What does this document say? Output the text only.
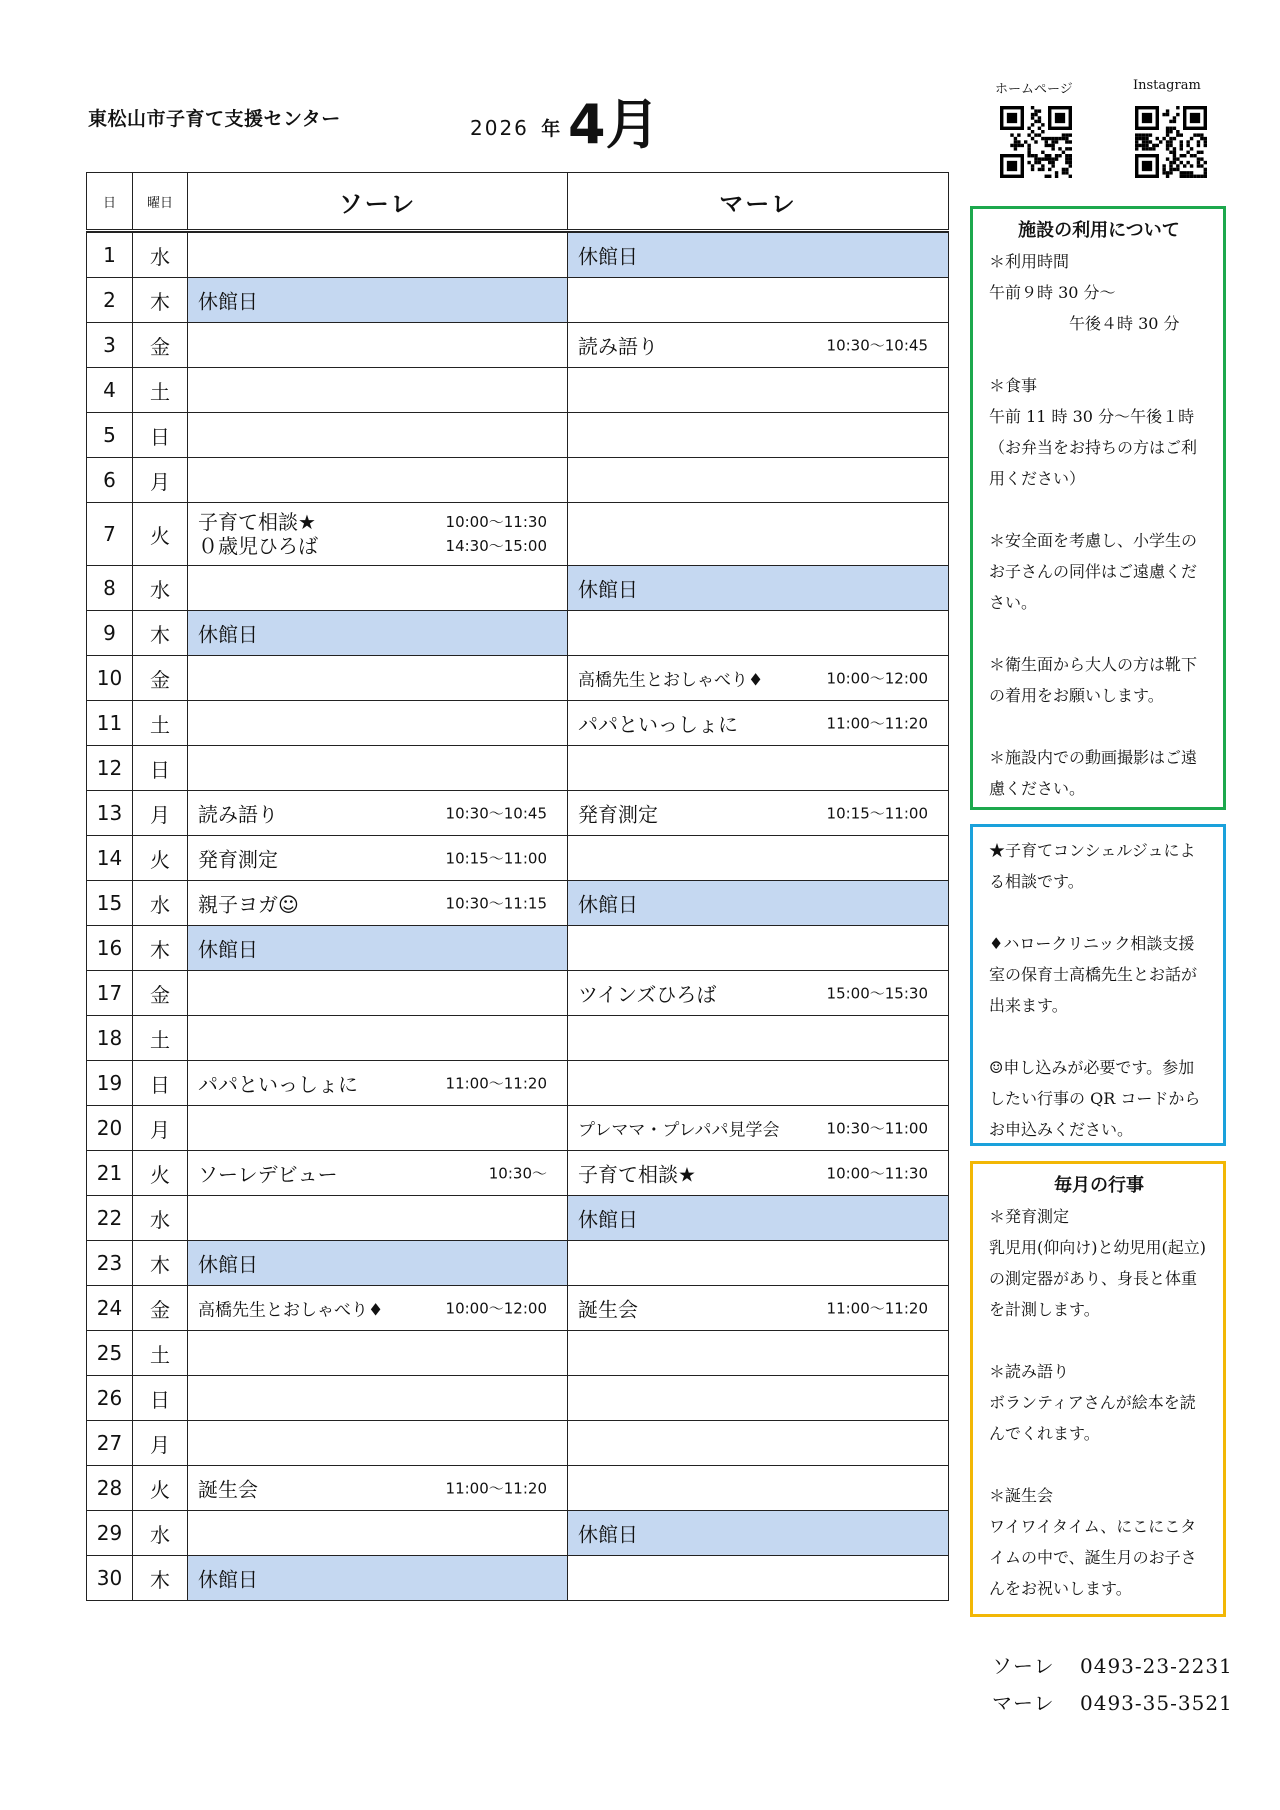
東松山市子育て支援センター	2026 年 4月
ホームページ	Instagram
日	曜日	ソーレ	マーレ

1	水		休館日

2	木	休館日	

3	金		読み語り 10:30〜10:45

4	土		
5	日		
6	月		
7	火	子育て相談★ 10:00〜11:30
０歳児ひろば 14:30〜15:00	

8	水		休館日

9	木	休館日	

10	金		高橋先生とおしゃべり♦ 10:00〜12:00

11	土		パパといっしょに 11:00〜11:20

12	日		
13	月	読み語り 10:30〜10:45	発育測定 10:15〜11:00

14	火	発育測定 10:15〜11:00	

15	水	親子ヨガ☺ 10:30〜11:15	休館日

16	木	休館日	

17	金		ツインズひろば 15:00〜15:30

18	土		
19	日	パパといっしょに 11:00〜11:20	

20	月		プレママ・プレパパ見学会 10:30〜11:00

21	火	ソーレデビュー 10:30〜	子育て相談★ 10:00〜11:30

22	水		休館日

23	木	休館日	

24	金	高橋先生とおしゃべり♦ 10:00〜12:00	誕生会 11:00〜11:20

25	土		
26	日		
27	月		
28	火	誕生会 11:00〜11:20	

29	水		休館日

30	木	休館日	

施設の利用について

＊利用時間
午前９時 30 分〜
　　　　　午後４時 30 分

＊食事
午前 11 時 30 分〜午後１時
（お弁当をお持ちの方はご利用ください）

＊安全面を考慮し、小学生のお子さんの同伴はご遠慮ください。

＊衛生面から大人の方は靴下の着用をお願いします。

＊施設内での動画撮影はご遠慮ください。

★子育てコンシェルジュによる相談です。

♦ハロークリニック相談支援室の保育士高橋先生とお話が出来ます。

☺申し込みが必要です。参加したい行事の QR コードからお申込みください。

毎月の行事

＊発育測定
乳児用(仰向け)と幼児用(起立)の測定器があり、身長と体重を計測します。

＊読み語り
ボランティアさんが絵本を読んでくれます。

＊誕生会
ワイワイタイム、にこにこタイムの中で、誕生月のお子さんをお祝いします。

ソーレ 0493-23-2231
マーレ 0493-35-3521
